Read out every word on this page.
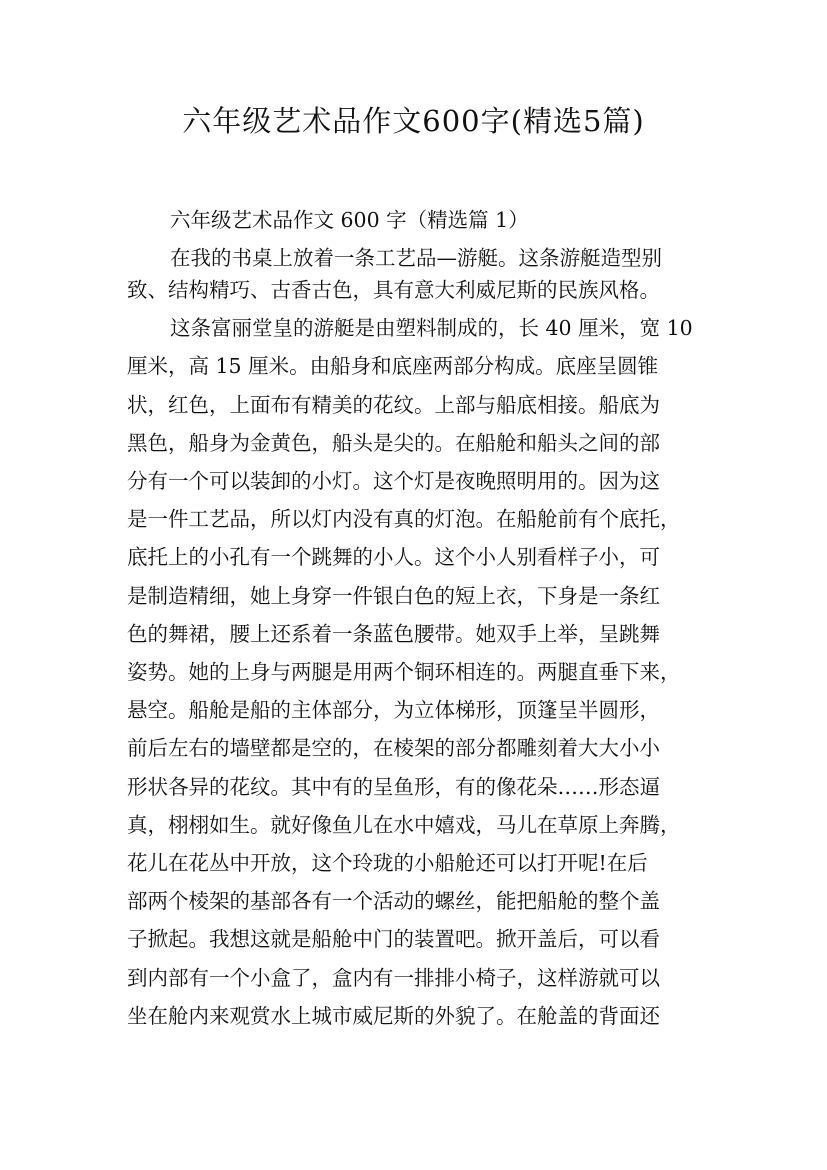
六年级艺术品作文600字(精选5篇)
六年级艺术品作文 600 字（精选篇 1）
在我的书桌上放着一条工艺品—游艇。这条游艇造型别
致、结构精巧、古香古色，具有意大利威尼斯的民族风格。
这条富丽堂皇的游艇是由塑料制成的，长 40 厘米，宽 10
厘米，高 15 厘米。由船身和底座两部分构成。底座呈圆锥
状，红色，上面布有精美的花纹。上部与船底相接。船底为
黑色，船身为金黄色，船头是尖的。在船舱和船头之间的部
分有一个可以装卸的小灯。这个灯是夜晚照明用的。因为这
是一件工艺品，所以灯内没有真的灯泡。在船舱前有个底托，
底托上的小孔有一个跳舞的小人。这个小人别看样子小，可
是制造精细，她上身穿一件银白色的短上衣，下身是一条红
色的舞裙，腰上还系着一条蓝色腰带。她双手上举，呈跳舞
姿势。她的上身与两腿是用两个铜环相连的。两腿直垂下来，
悬空。船舱是船的主体部分，为立体梯形，顶篷呈半圆形，
前后左右的墙壁都是空的，在棱架的部分都雕刻着大大小小
形状各异的花纹。其中有的呈鱼形，有的像花朵……形态逼
真，栩栩如生。就好像鱼儿在水中嬉戏，马儿在草原上奔腾，
花儿在花丛中开放，这个玲珑的小船舱还可以打开呢!在后
部两个棱架的基部各有一个活动的螺丝，能把船舱的整个盖
子掀起。我想这就是船舱中门的装置吧。掀开盖后，可以看
到内部有一个小盒了，盒内有一排排小椅子，这样游就可以
坐在舱内来观赏水上城市威尼斯的外貌了。在舱盖的背面还
